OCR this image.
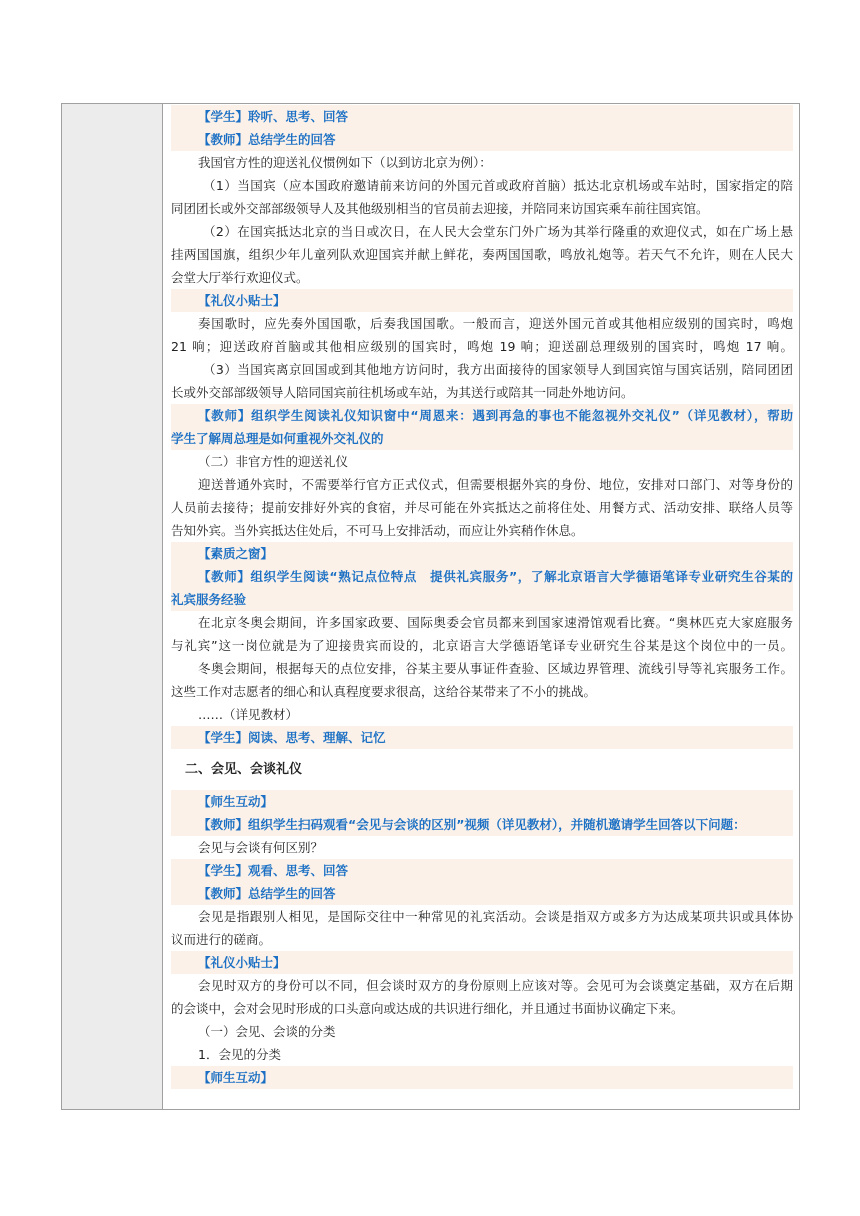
【学生】聆听、思考、回答
【教师】总结学生的回答
我国官方性的迎送礼仪惯例如下（以到访北京为例）：
（1）当国宾（应本国政府邀请前来访问的外国元首或政府首脑）抵达北京机场或车站时，国家指定的陪
同团团长或外交部部级领导人及其他级别相当的官员前去迎接，并陪同来访国宾乘车前往国宾馆。
（2）在国宾抵达北京的当日或次日，在人民大会堂东门外广场为其举行隆重的欢迎仪式，如在广场上悬
挂两国国旗，组织少年儿童列队欢迎国宾并献上鲜花，奏两国国歌，鸣放礼炮等。若天气不允许，则在人民大
会堂大厅举行欢迎仪式。
【礼仪小贴士】
奏国歌时，应先奏外国国歌，后奏我国国歌。一般而言，迎送外国元首或其他相应级别的国宾时，鸣炮
21 响；迎送政府首脑或其他相应级别的国宾时，鸣炮 19 响；迎送副总理级别的国宾时，鸣炮 17 响。
（3）当国宾离京回国或到其他地方访问时，我方出面接待的国家领导人到国宾馆与国宾话别，陪同团团
长或外交部部级领导人陪同国宾前往机场或车站，为其送行或陪其一同赴外地访问。
【教师】组织学生阅读礼仪知识窗中“周恩来：遇到再急的事也不能忽视外交礼仪”（详见教材），帮助
学生了解周总理是如何重视外交礼仪的
（二）非官方性的迎送礼仪
迎送普通外宾时，不需要举行官方正式仪式，但需要根据外宾的身份、地位，安排对口部门、对等身份的
人员前去接待；提前安排好外宾的食宿，并尽可能在外宾抵达之前将住处、用餐方式、活动安排、联络人员等
告知外宾。当外宾抵达住处后，不可马上安排活动，而应让外宾稍作休息。
【素质之窗】
【教师】组织学生阅读“熟记点位特点　提供礼宾服务”，了解北京语言大学德语笔译专业研究生谷某的
礼宾服务经验
在北京冬奥会期间，许多国家政要、国际奥委会官员都来到国家速滑馆观看比赛。“奥林匹克大家庭服务
与礼宾”这一岗位就是为了迎接贵宾而设的，北京语言大学德语笔译专业研究生谷某是这个岗位中的一员。
冬奥会期间，根据每天的点位安排，谷某主要从事证件查验、区域边界管理、流线引导等礼宾服务工作。
这些工作对志愿者的细心和认真程度要求很高，这给谷某带来了不小的挑战。
……（详见教材）
【学生】阅读、思考、理解、记忆
二、会见、会谈礼仪
【师生互动】
【教师】组织学生扫码观看“会见与会谈的区别”视频（详见教材），并随机邀请学生回答以下问题：
会见与会谈有何区别？
【学生】观看、思考、回答
【教师】总结学生的回答
会见是指跟别人相见，是国际交往中一种常见的礼宾活动。会谈是指双方或多方为达成某项共识或具体协
议而进行的磋商。
【礼仪小贴士】
会见时双方的身份可以不同，但会谈时双方的身份原则上应该对等。会见可为会谈奠定基础，双方在后期
的会谈中，会对会见时形成的口头意向或达成的共识进行细化，并且通过书面协议确定下来。
（一）会见、会谈的分类
1．会见的分类
【师生互动】
